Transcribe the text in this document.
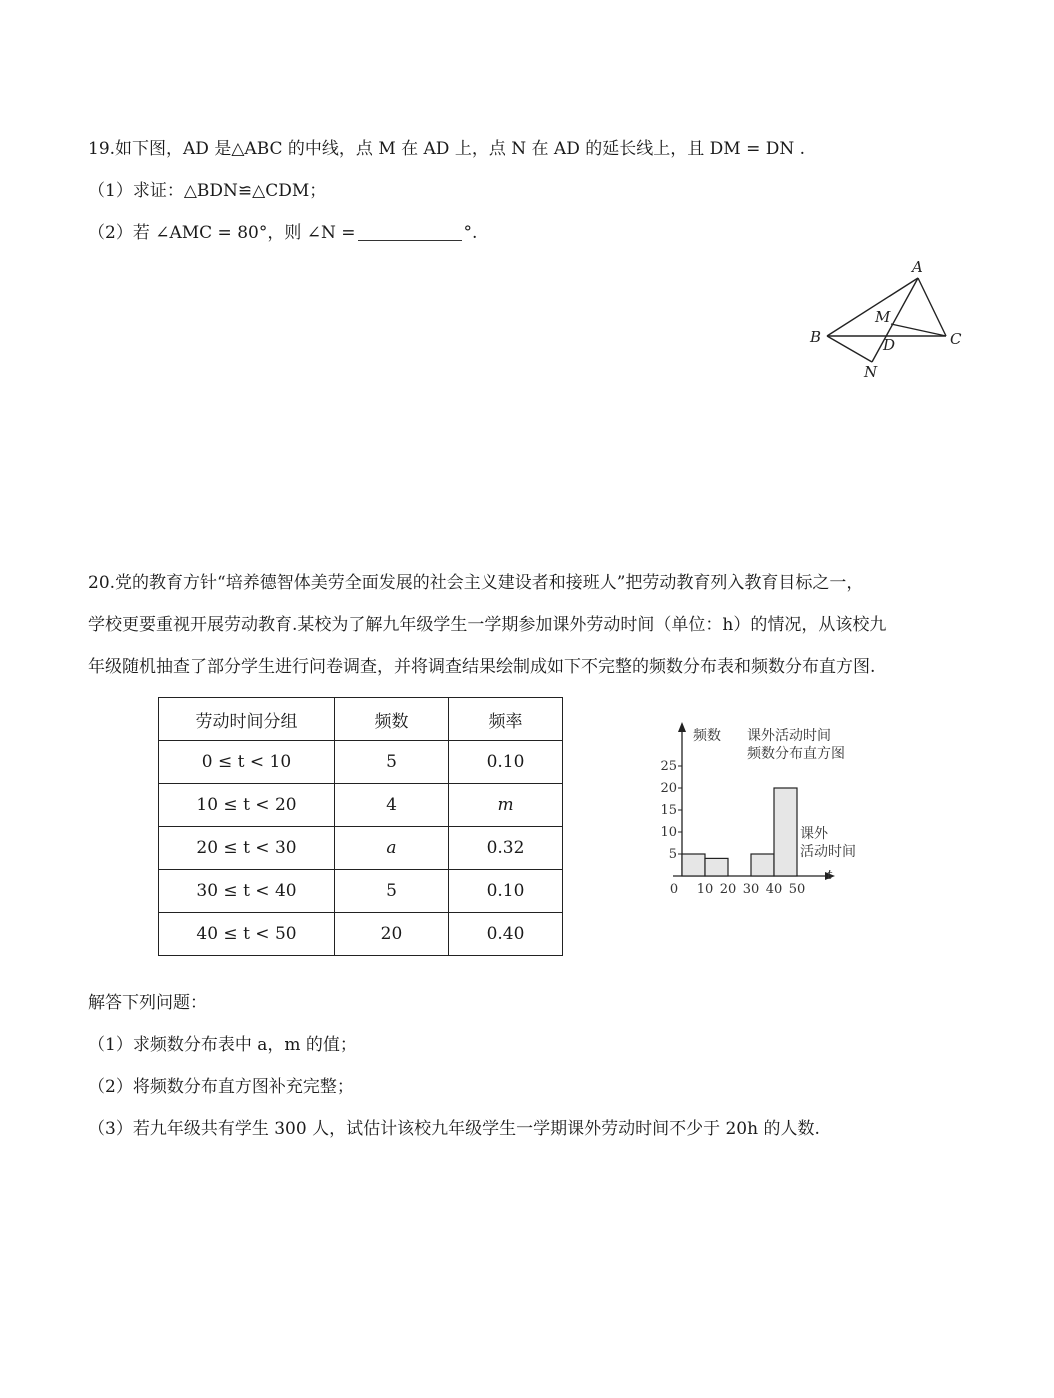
19.如下图，AD 是△ABC 的中线，点 M 在 AD 上，点 N 在 AD 的延长线上，且 DM = DN .
（1）求证：△BDN≌△CDM；
（2）若 ∠AMC = 80°，则 ∠N =	°.
A
B	C
D
M
N
20.党的教育方针“培养德智体美劳全面发展的社会主义建设者和接班人”把劳动教育列入教育目标之一，
学校更要重视开展劳动教育.某校为了解九年级学生一学期参加课外劳动时间（单位：h）的情况，从该校九
年级随机抽查了部分学生进行问卷调查，并将调查结果绘制成如下不完整的频数分布表和频数分布直方图.
劳动时间分组	频数	频率
0 ≤ t < 10	5	0.10
10 ≤ t < 20	4	m
20 ≤ t < 30	a	0.32
30 ≤ t < 40	5	0.10
40 ≤ t < 50	20	0.40
5
10
15
20
25
0 10 20 30 40 50
频数 课外活动时间
频数分布直方图
课外
活动时间
t
解答下列问题：
（1）求频数分布表中 a，m 的值；
（2）将频数分布直方图补充完整；
（3）若九年级共有学生 300 人，试估计该校九年级学生一学期课外劳动时间不少于 20h 的人数.
